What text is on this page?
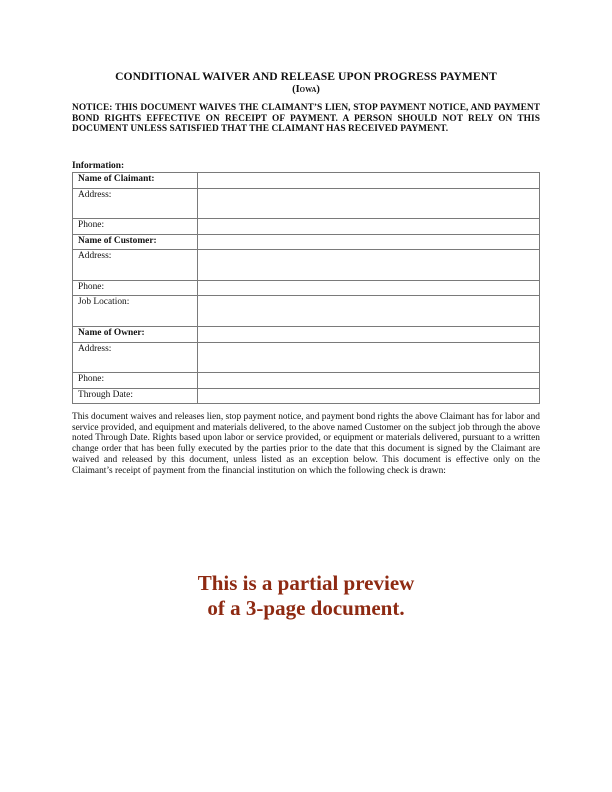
CONDITIONAL WAIVER AND RELEASE UPON PROGRESS PAYMENT
(Iowa)
NOTICE: THIS DOCUMENT WAIVES THE CLAIMANT’S LIEN, STOP PAYMENT NOTICE, AND PAYMENT BOND RIGHTS EFFECTIVE ON RECEIPT OF PAYMENT. A PERSON SHOULD NOT RELY ON THIS DOCUMENT UNLESS SATISFIED THAT THE CLAIMANT HAS RECEIVED PAYMENT.
Information:
Name of Claimant:	
Address:	
Phone:	
Name of Customer:	
Address:	
Phone:	
Job Location:	
Name of Owner:	
Address:	
Phone:	
Through Date:	
This document waives and releases lien, stop payment notice, and payment bond rights the above Claimant has for labor and service provided, and equipment and materials delivered, to the above named Customer on the subject job through the above noted Through Date. Rights based upon labor or service provided, or equipment or materials delivered, pursuant to a written change order that has been fully executed by the parties prior to the date that this document is signed by the Claimant are waived and released by this document, unless listed as an exception below. This document is effective only on the Claimant’s receipt of payment from the financial institution on which the following check is drawn:
This is a partial preview
of a 3-page document.
